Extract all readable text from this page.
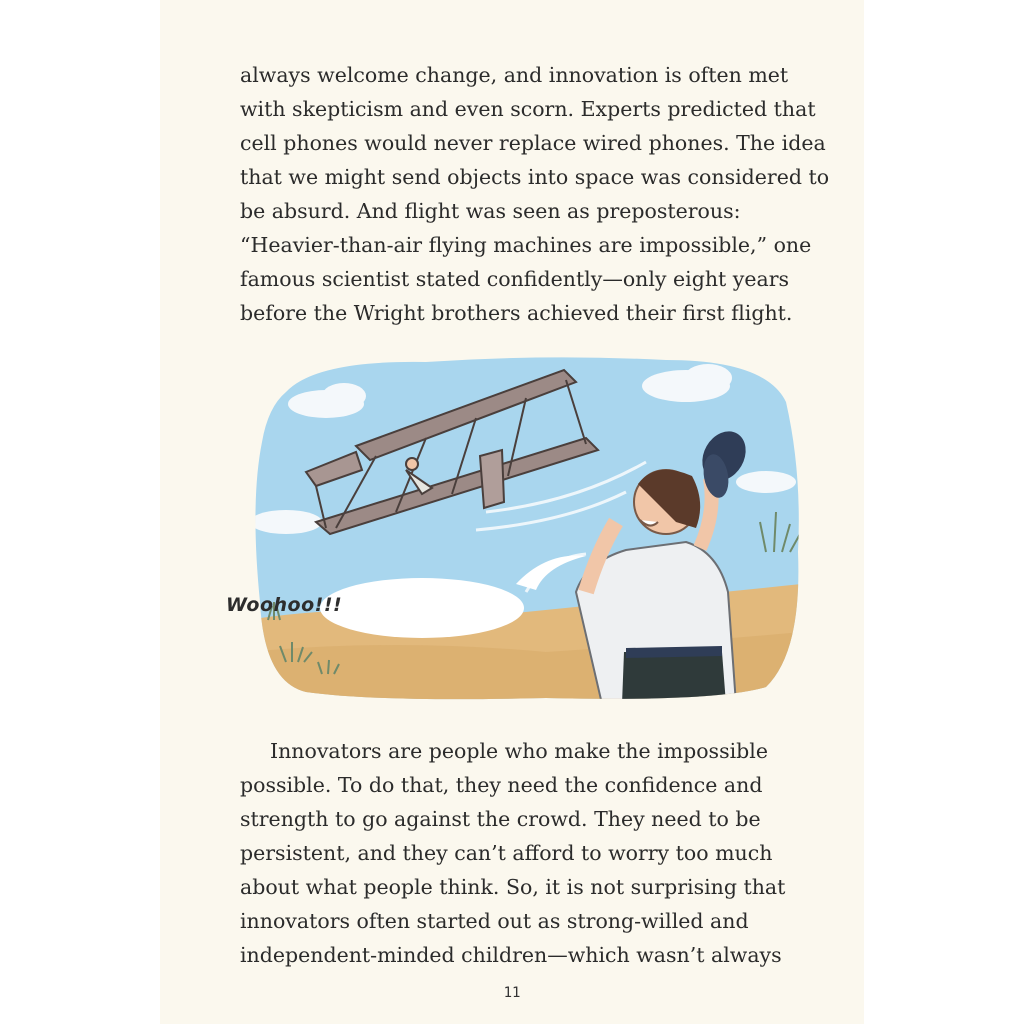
always welcome change, and innovation is often met
with skepticism and even scorn. Experts predicted that
cell phones would never replace wired phones. The idea
that we might send objects into space was considered to
be absurd. And flight was seen as preposterous:
“Heavier-than-air flying machines are impossible,” one
famous scientist stated confidently—only eight years
before the Wright brothers achieved their first flight.
Innovators are people who make the impossible
possible. To do that, they need the confidence and
strength to go against the crowd. They need to be
persistent, and they can’t afford to worry too much
about what people think. So, it is not surprising that
innovators often started out as strong-willed and
independent-minded children—which wasn’t always
11
Woohoo!!!
